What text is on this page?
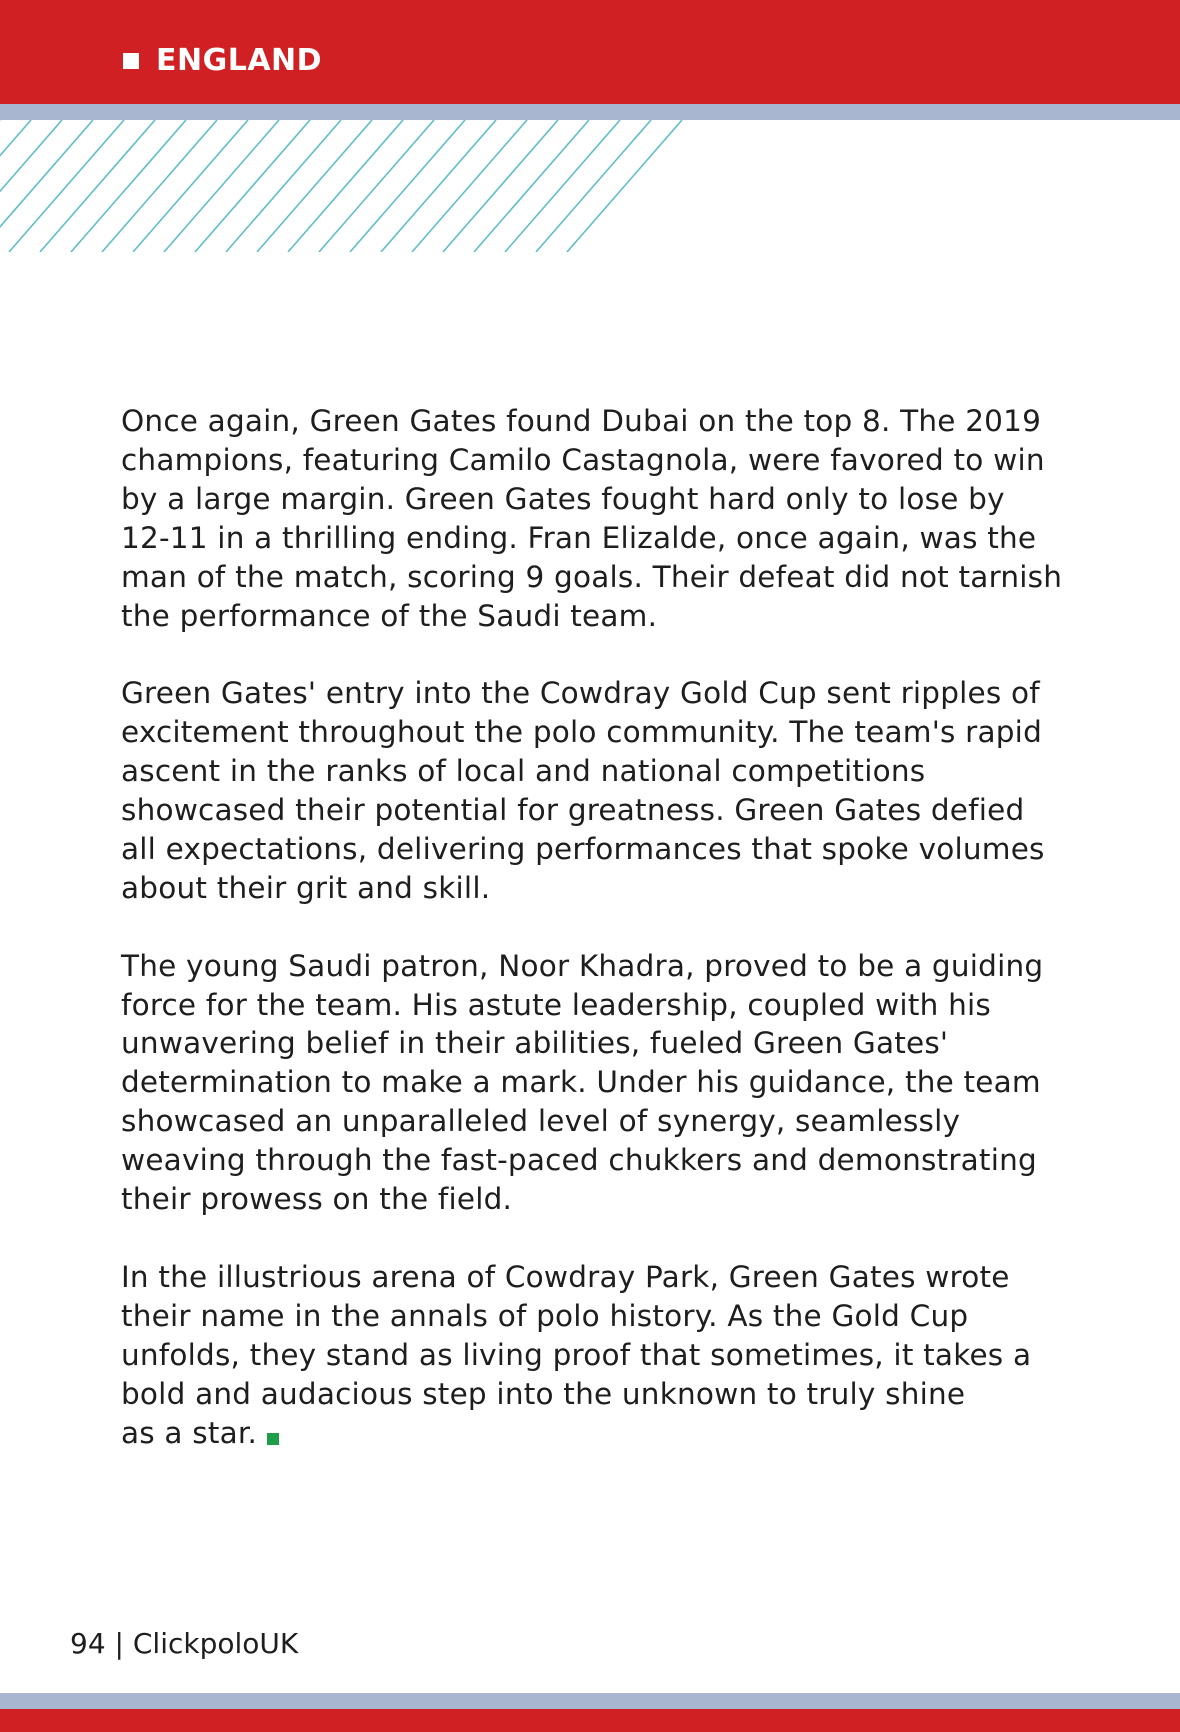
ENGLAND

Once again, Green Gates found Dubai on the top 8. The 2019
champions, featuring Camilo Castagnola, were favored to win
by a large margin. Green Gates fought hard only to lose by
12-11 in a thrilling ending. Fran Elizalde, once again, was the
man of the match, scoring 9 goals. Their defeat did not tarnish
the performance of the Saudi team.

Green Gates' entry into the Cowdray Gold Cup sent ripples of
excitement throughout the polo community. The team's rapid
ascent in the ranks of local and national competitions
showcased their potential for greatness. Green Gates defied
all expectations, delivering performances that spoke volumes
about their grit and skill.

The young Saudi patron, Noor Khadra, proved to be a guiding
force for the team. His astute leadership, coupled with his
unwavering belief in their abilities, fueled Green Gates'
determination to make a mark. Under his guidance, the team
showcased an unparalleled level of synergy, seamlessly
weaving through the fast-paced chukkers and demonstrating
their prowess on the field.

In the illustrious arena of Cowdray Park, Green Gates wrote
their name in the annals of polo history. As the Gold Cup
unfolds, they stand as living proof that sometimes, it takes a
bold and audacious step into the unknown to truly shine
as a star.

94 | ClickpoloUK
